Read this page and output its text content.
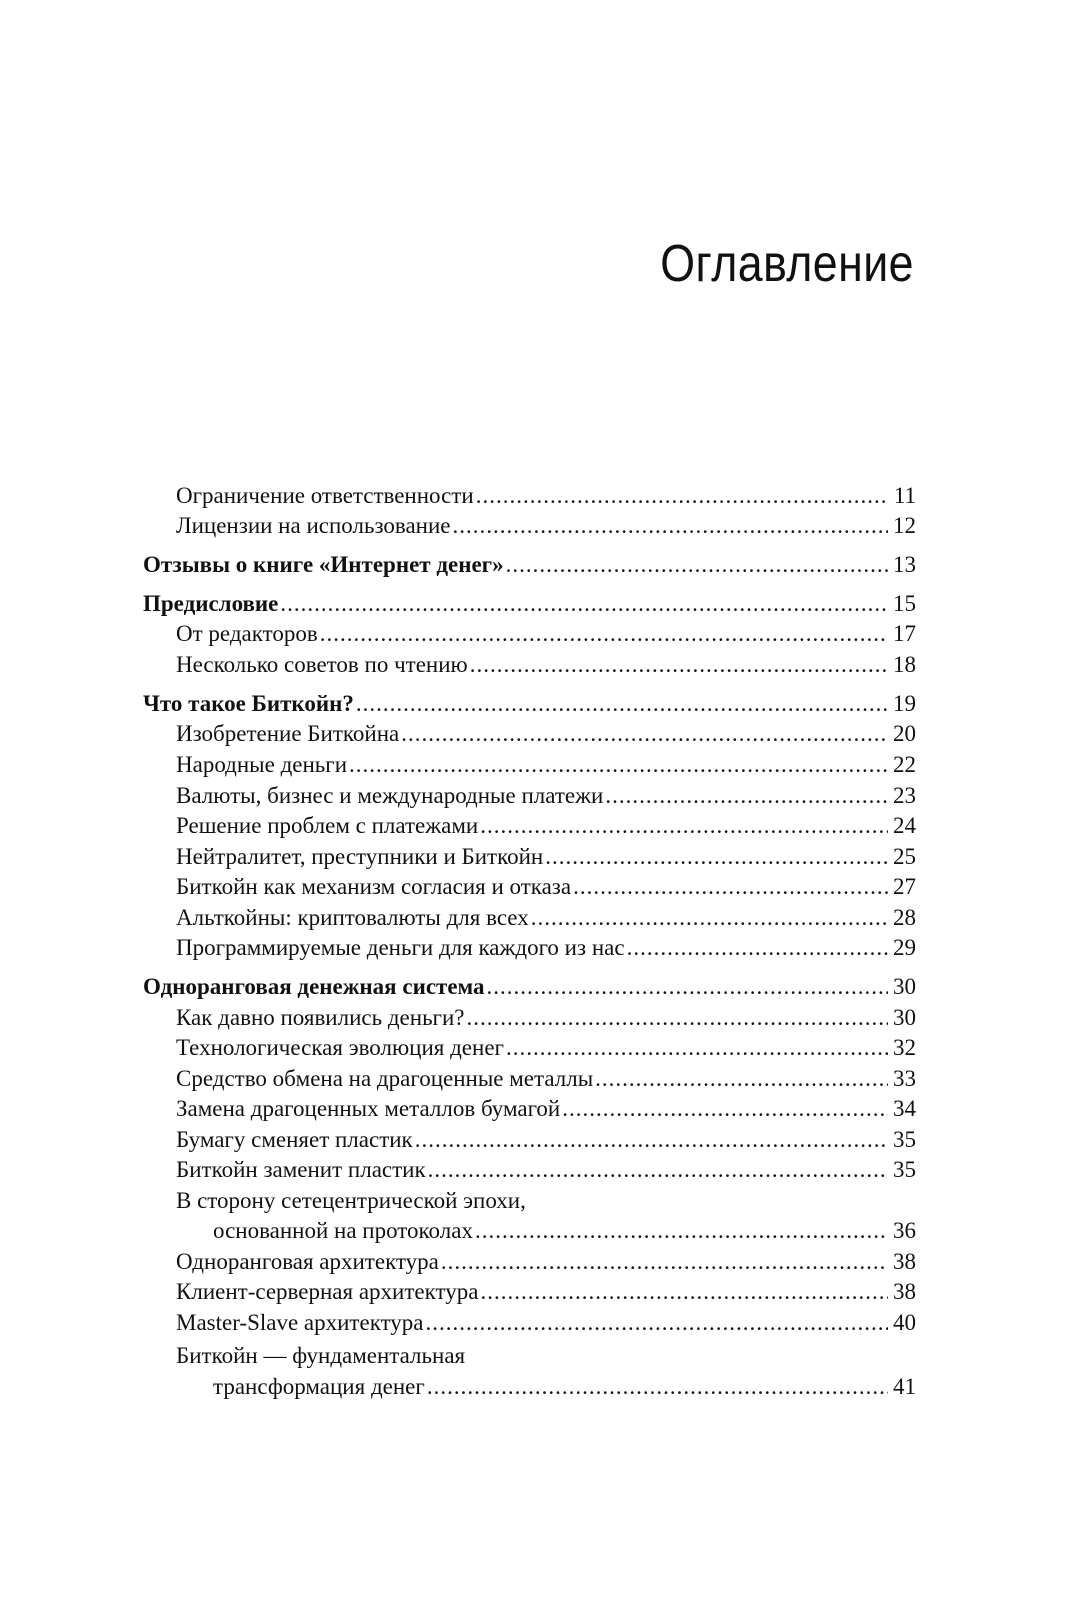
Оглавление
Ограничение ответственности .....	11
Лицензии на использование .....	12
Отзывы о книге «Интернет денег» .....	13
Предисловие .....	15
От редакторов .....	17
Несколько советов по чтению .....	18
Что такое Биткойн? .....	19
Изобретение Биткойна .....	20
Народные деньги .....	22
Валюты, бизнес и международные платежи .....	23
Решение проблем с платежами .....	24
Нейтралитет, преступники и Биткойн .....	25
Биткойн как механизм согласия и отказа .....	27
Альткойны: криптовалюты для всех .....	28
Программируемые деньги для каждого из нас .....	29
Одноранговая денежная система .....	30
Как давно появились деньги? .....	30
Технологическая эволюция денег .....	32
Средство обмена на драгоценные металлы .....	33
Замена драгоценных металлов бумагой .....	34
Бумагу сменяет пластик .....	35
Биткойн заменит пластик .....	35
В сторону сетецентрической эпохи,
основанной на протоколах .....	36
Одноранговая архитектура .....	38
Клиент-серверная архитектура .....	38
Master-Slave архитектура .....	40
Биткойн — фундаментальная
трансформация денег .....	41
